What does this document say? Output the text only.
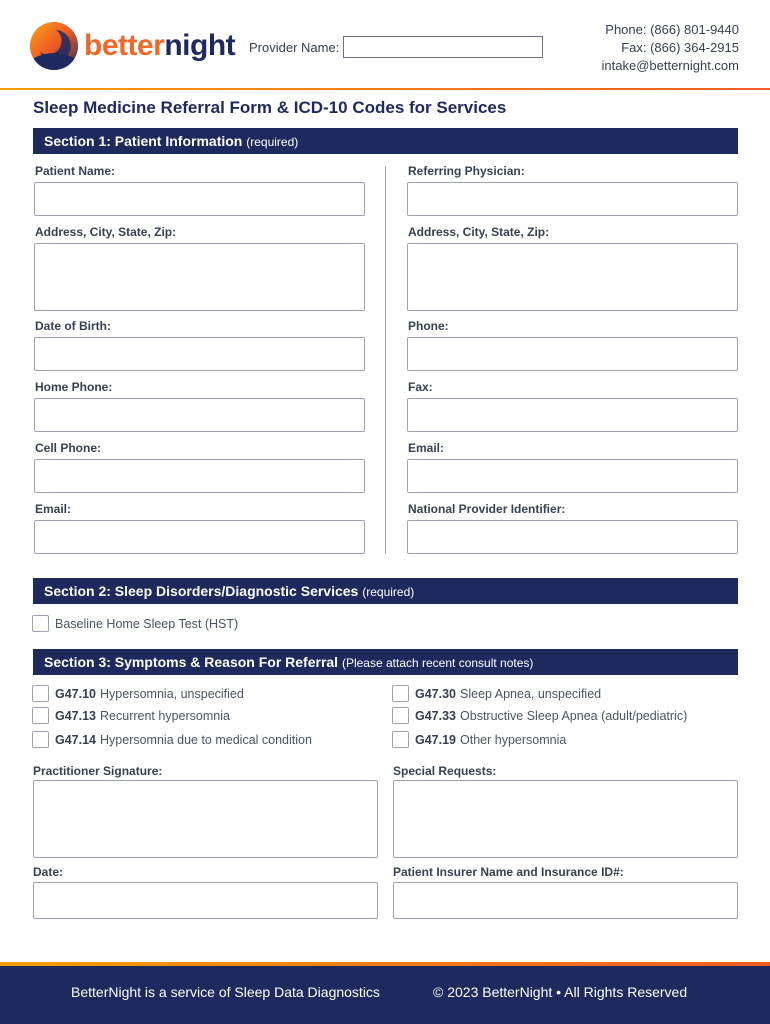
betternight Provider Name:
Phone: (866) 801-9440
Fax: (866) 364-2915
intake@betternight.com
Sleep Medicine Referral Form & ICD-10 Codes for Services
Section 1: Patient Information (required)
Patient Name:
Address, City, State, Zip:
Date of Birth:
Home Phone:
Cell Phone:
Email:
Referring Physician:
Address, City, State, Zip:
Phone:
Fax:
Email:
National Provider Identifier:
Section 2: Sleep Disorders/Diagnostic Services (required)
Baseline Home Sleep Test (HST)
Section 3: Symptoms & Reason For Referral (Please attach recent consult notes)
G47.10 Hypersomnia, unspecified
G47.13 Recurrent hypersomnia
G47.14 Hypersomnia due to medical condition
G47.30 Sleep Apnea, unspecified
G47.33 Obstructive Sleep Apnea (adult/pediatric)
G47.19 Other hypersomnia
Practitioner Signature:	Special Requests:
Date:	Patient Insurer Name and Insurance ID#:
BetterNight is a service of Sleep Data Diagnostics	© 2023 BetterNight • All Rights Reserved
